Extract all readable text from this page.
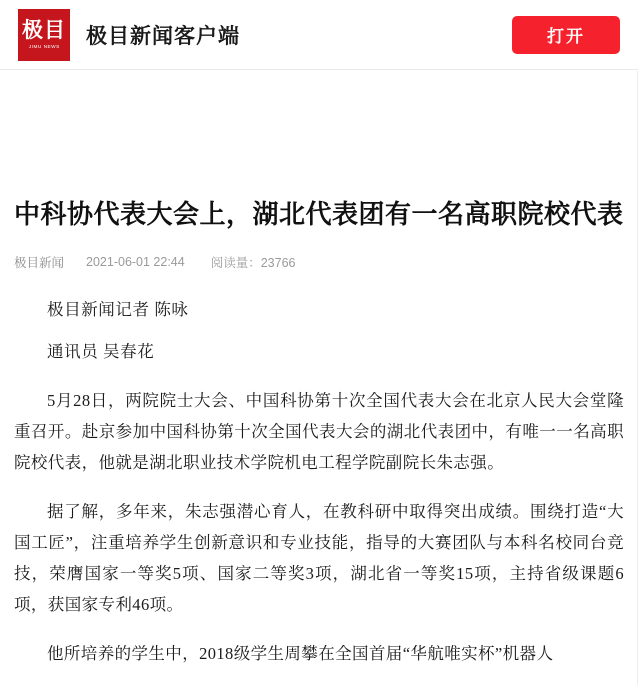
极目
JIMU NEWS 极目新闻客户端	打开
中科协代表大会上，湖北代表团有一名高职院校代表
极目新闻 2021-06-01 22:44 阅读量：23766
极目新闻记者 陈咏
通讯员 吴春花

5月28日，两院院士大会、中国科协第十次全国代表大会在北京人民大会堂隆重召开。赴京参加中国科协第十次全国代表大会的湖北代表团中，有唯一一名高职院校代表，他就是湖北职业技术学院机电工程学院副院长朱志强。

据了解，多年来，朱志强潜心育人，在教科研中取得突出成绩。围绕打造“大国工匠”，注重培养学生创新意识和专业技能，指导的大赛团队与本科名校同台竞技，荣膺国家一等奖5项、国家二等奖3项，湖北省一等奖15项，主持省级课题6项，获国家专利46项。

他所培养的学生中，2018级学生周攀在全国首届“华航唯实杯”机器人
